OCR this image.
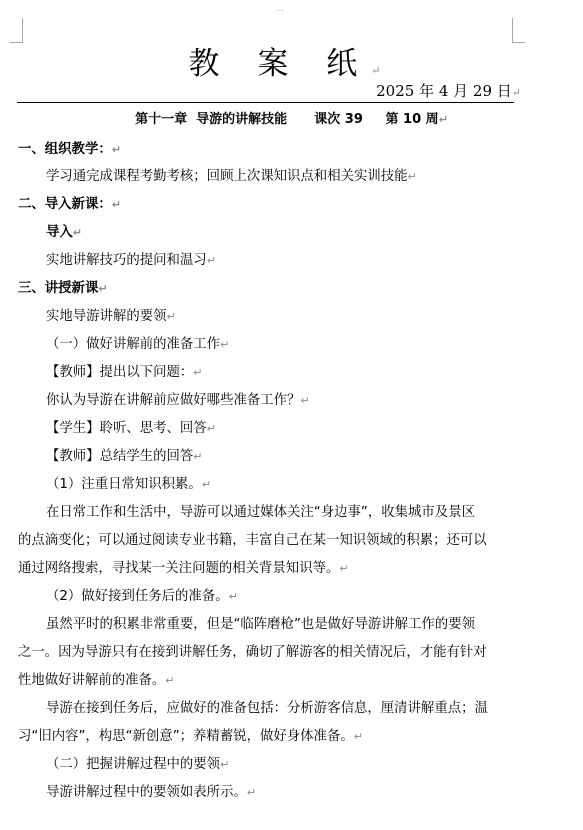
…
教 案 纸↵
2025 年 4 月 29 日↵
第十一章  导游的讲解技能      课次 39     第 10 周↵
一、组织教学：↵
学习通完成课程考勤考核；回顾上次课知识点和相关实训技能↵
二、导入新课：↵
导入↵
实地讲解技巧的提问和温习↵
三、讲授新课↵
实地导游讲解的要领↵
（一）做好讲解前的准备工作↵
【教师】提出以下问题：↵
你认为导游在讲解前应做好哪些准备工作？↵
【学生】聆听、思考、回答↵
【教师】总结学生的回答↵
（1）注重日常知识积累。↵
在日常工作和生活中，导游可以通过媒体关注“身边事”，收集城市及景区
的点滴变化；可以通过阅读专业书籍，丰富自己在某一知识领域的积累；还可以
通过网络搜索，寻找某一关注问题的相关背景知识等。↵
（2）做好接到任务后的准备。↵
虽然平时的积累非常重要，但是“临阵磨枪”也是做好导游讲解工作的要领
之一。因为导游只有在接到讲解任务，确切了解游客的相关情况后，才能有针对
性地做好讲解前的准备。↵
导游在接到任务后，应做好的准备包括：分析游客信息，厘清讲解重点；温
习“旧内容”，构思“新创意”；养精蓄锐，做好身体准备。↵
（二）把握讲解过程中的要领↵
导游讲解过程中的要领如表所示。↵
